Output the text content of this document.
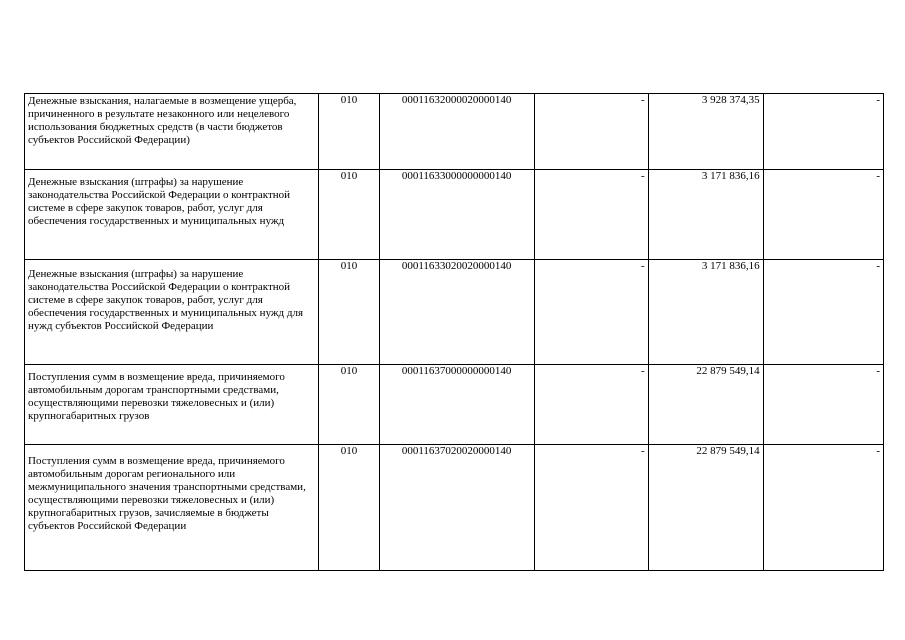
Денежные взыскания, налагаемые в возмещение ущерба, причиненного в результате незаконного или нецелевого использования бюджетных средств (в части бюджетов субъектов Российской Федерации)	010	00011632000020000140	-	3 928 374,35	-
Денежные взыскания (штрафы) за нарушение законодательства Российской Федерации о контрактной системе в сфере закупок товаров, работ, услуг для обеспечения государственных и муниципальных нужд	010	00011633000000000140	-	3 171 836,16	-
Денежные взыскания (штрафы) за нарушение законодательства Российской Федерации о контрактной системе в сфере закупок товаров, работ, услуг для обеспечения государственных и муниципальных нужд для нужд субъектов Российской Федерации	010	00011633020020000140	-	3 171 836,16	-
Поступления сумм в возмещение вреда, причиняемого автомобильным дорогам транспортными средствами, осуществляющими перевозки тяжеловесных и (или) крупногабаритных грузов	010	00011637000000000140	-	22 879 549,14	-
Поступления сумм в возмещение вреда, причиняемого автомобильным дорогам регионального или межмуниципального значения транспортными средствами, осуществляющими перевозки тяжеловесных и (или) крупногабаритных грузов, зачисляемые в бюджеты субъектов Российской Федерации	010	00011637020020000140	-	22 879 549,14	-
